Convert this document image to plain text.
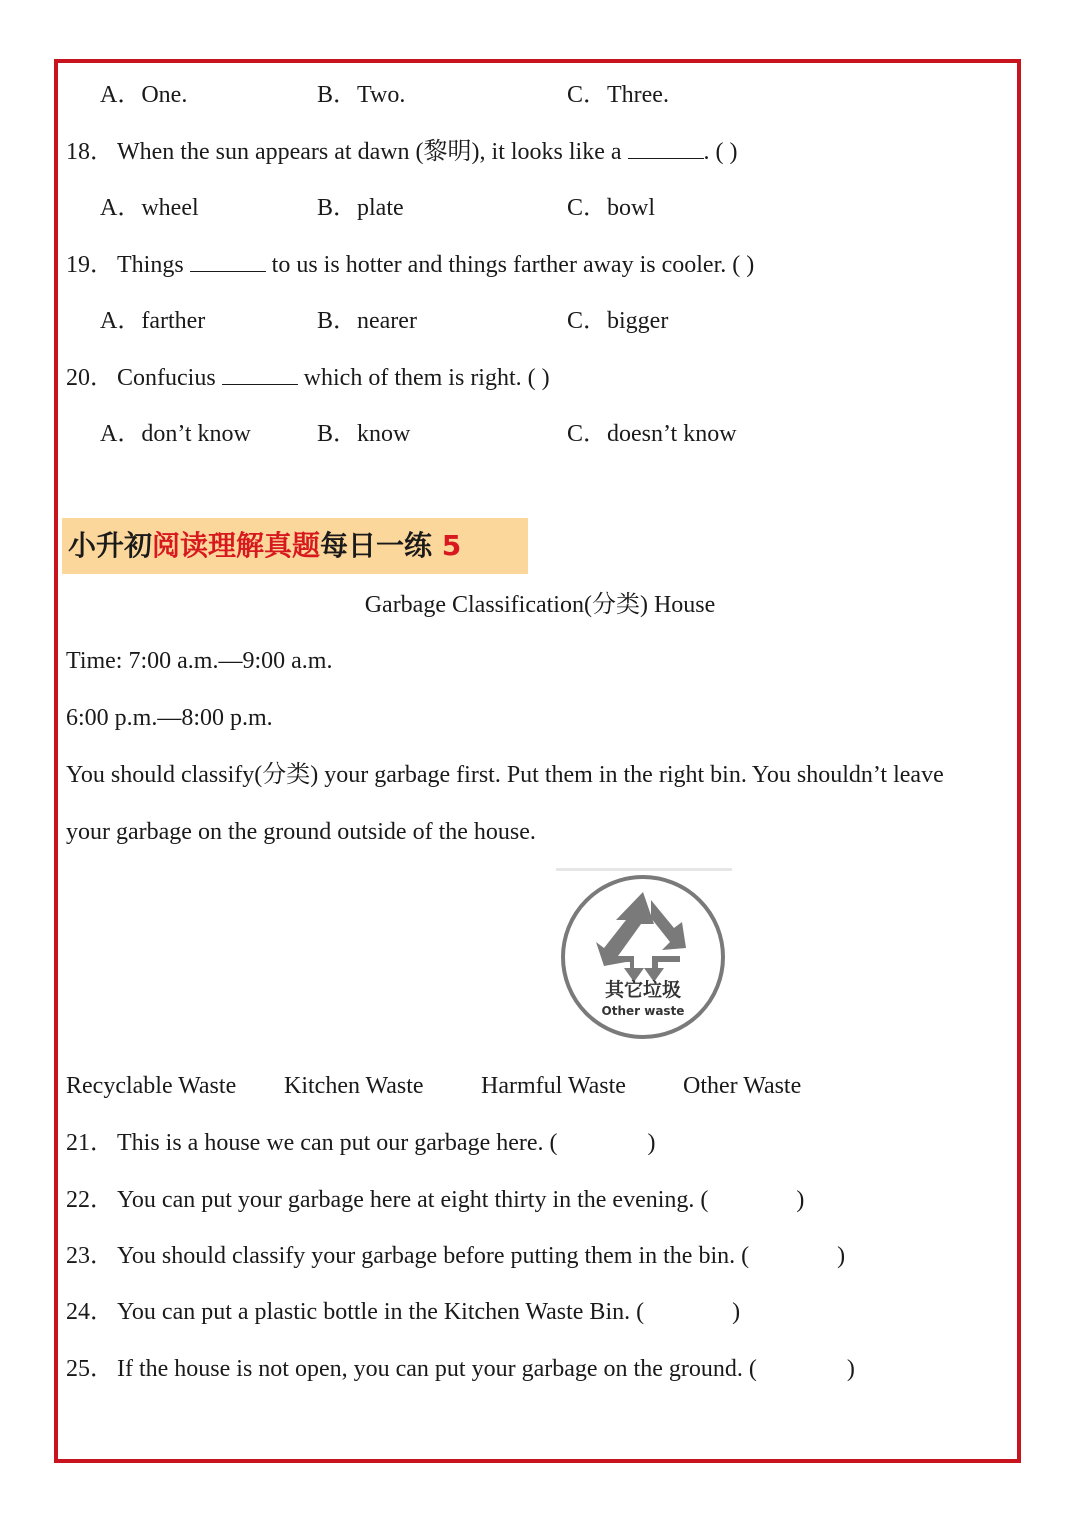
A．One.	B．Two.	C．Three.
18． When the sun appears at dawn (黎明), it looks like a	. ( )
A．wheel	B．plate	C．bowl
19． Things	to us is hotter and things farther away is cooler. ( )
A．farther	B．nearer	C．bigger
20． Confucius	which of them is right. ( )
A．don’t know	B．know	C．doesn’t know
小升初阅读理解真题每日一练 5
Garbage Classification(分类) House
Time: 7:00 a.m.—9:00 a.m.
6:00 p.m.—8:00 p.m.
You should classify(分类) your garbage first. Put them in the right bin. You shouldn’t leave
your garbage on the ground outside of the house.
其它垃圾
Other waste
Recyclable Waste Kitchen Waste Harmful Waste Other Waste
21． This is a house we can put our garbage here. (	)
22． You can put your garbage here at eight thirty in the evening. (	)
23． You should classify your garbage before putting them in the bin. (	)
24． You can put a plastic bottle in the Kitchen Waste Bin. (	)
25． If the house is not open, you can put your garbage on the ground. (	)
